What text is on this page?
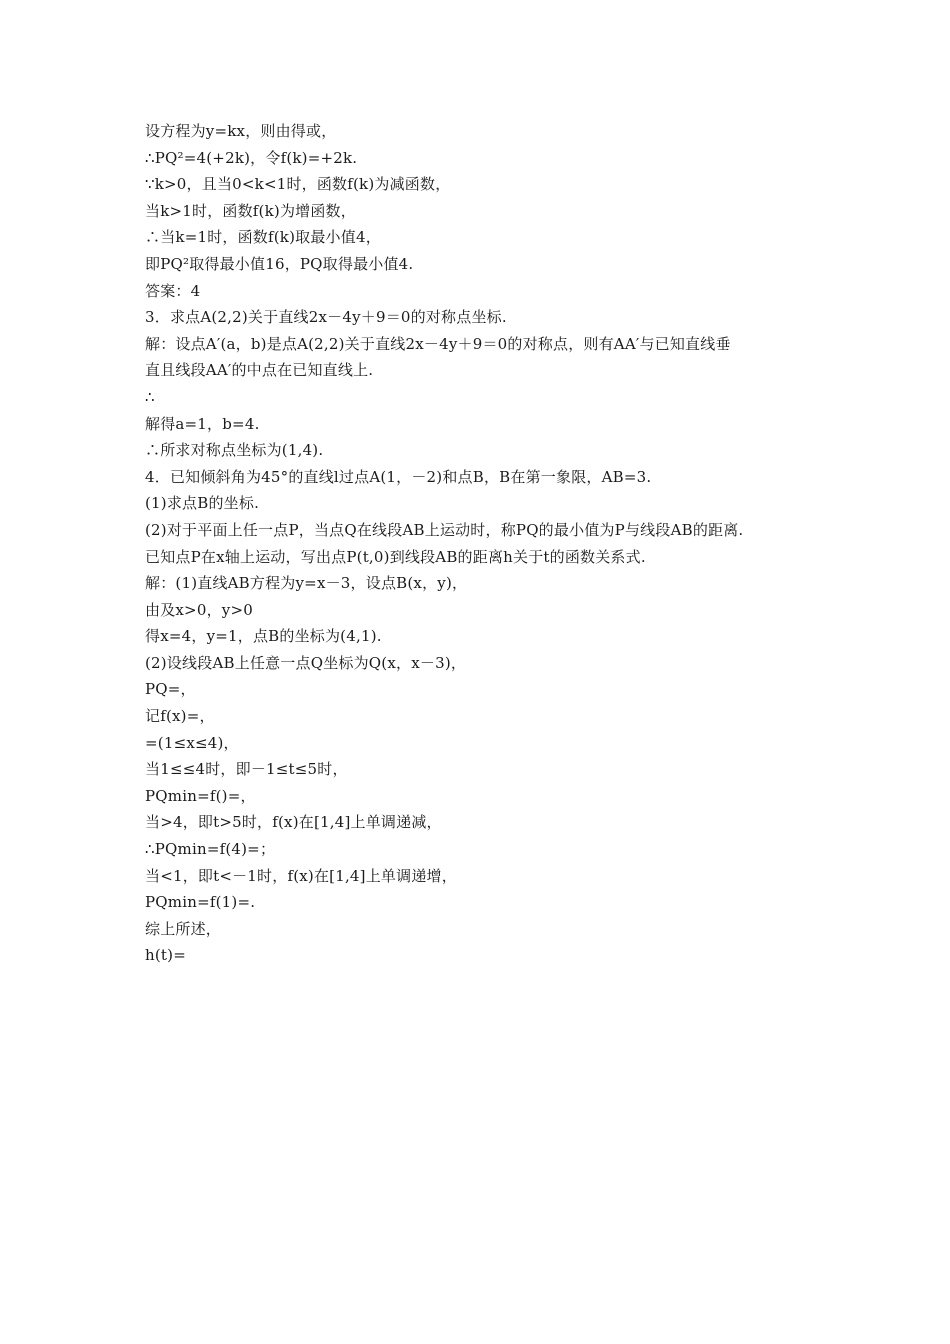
设方程为y=kx，则由得或，
∴PQ²=4(+2k)，令f(k)=+2k.
∵k>0，且当0<k<1时，函数f(k)为减函数，
当k>1时，函数f(k)为增函数，
∴当k=1时，函数f(k)取最小值4，
即PQ²取得最小值16，PQ取得最小值4.
答案：4
3．求点A(2,2)关于直线2x－4y＋9＝0的对称点坐标.
解：设点A′(a，b)是点A(2,2)关于直线2x－4y＋9＝0的对称点，则有AA′与已知直线垂
直且线段AA′的中点在已知直线上.
∴
解得a=1，b=4.
∴所求对称点坐标为(1,4).
4．已知倾斜角为45°的直线l过点A(1，－2)和点B，B在第一象限，AB=3.
(1)求点B的坐标.
(2)对于平面上任一点P，当点Q在线段AB上运动时，称PQ的最小值为P与线段AB的距离.
已知点P在x轴上运动，写出点P(t,0)到线段AB的距离h关于t的函数关系式.
解：(1)直线AB方程为y=x－3，设点B(x，y)，
由及x>0，y>0
得x=4，y=1，点B的坐标为(4,1).
(2)设线段AB上任意一点Q坐标为Q(x，x－3)，
PQ=，
记f(x)=，
=(1≤x≤4)，
当1≤≤4时，即－1≤t≤5时，
PQmin=f()=，
当>4，即t>5时，f(x)在[1,4]上单调递减，
∴PQmin=f(4)=；
当<1，即t<－1时，f(x)在[1,4]上单调递增，
PQmin=f(1)=.
综上所述，
h(t)=
